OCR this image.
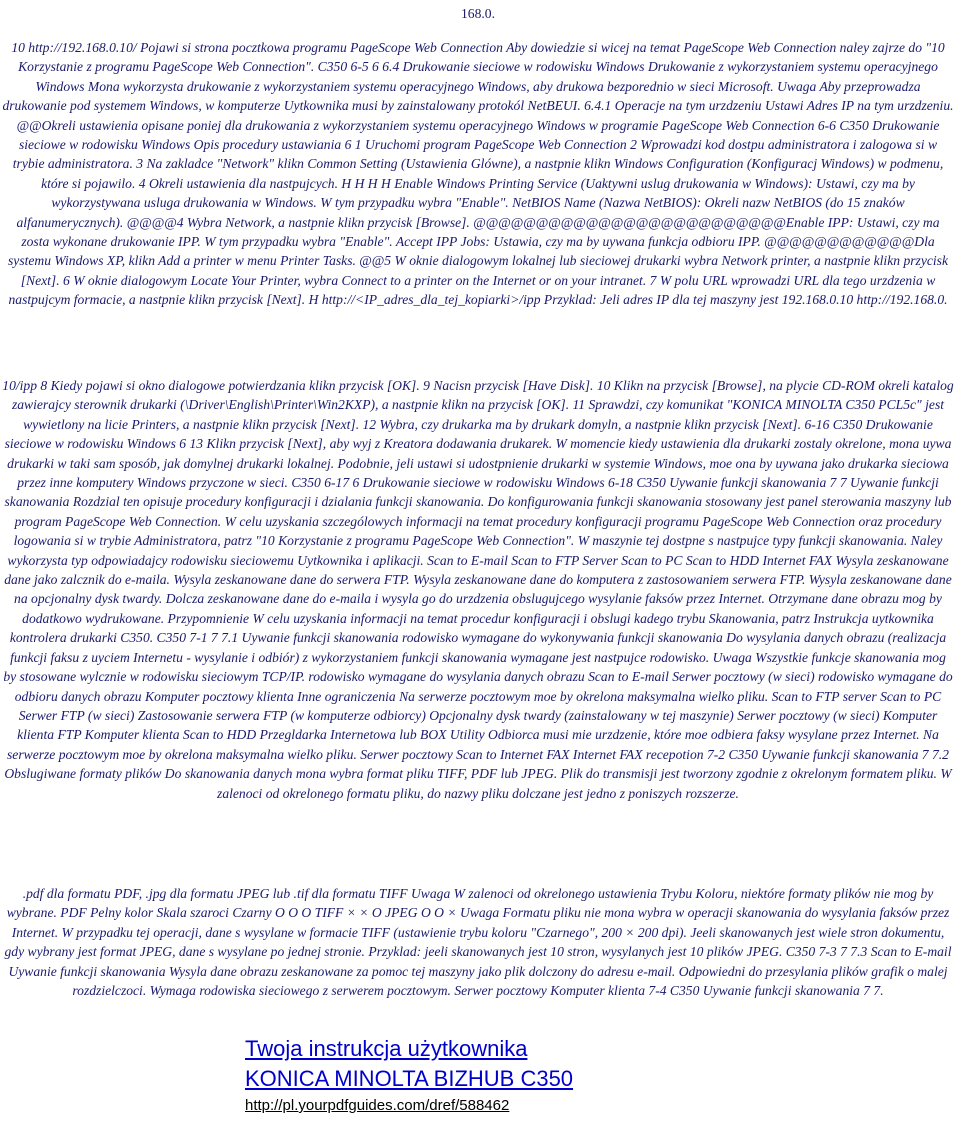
168.0.

10 http://192.168.0.10/ Pojawi si strona pocztkowa programu PageScope Web Connection Aby dowiedzie si wicej na temat PageScope Web Connection naley zajrze do "10 Korzystanie z programu PageScope Web Connection". C350 6-5 6 6.4 Drukowanie sieciowe w rodowisku Windows Drukowanie z wykorzystaniem systemu operacyjnego Windows Mona wykorzysta drukowanie z wykorzystaniem systemu operacyjnego Windows, aby drukowa bezporednio w sieci Microsoft. Uwaga Aby przeprowadza drukowanie pod systemem Windows, w komputerze Uytkownika musi by zainstalowany protokól NetBEUI. 6.4.1 Operacje na tym urzdzeniu Ustawi Adres IP na tym urzdzeniu. @@Okreli ustawienia opisane poniej dla drukowania z wykorzystaniem systemu operacyjnego Windows w programie PageScope Web Connection 6-6 C350 Drukowanie sieciowe w rodowisku Windows Opis procedury ustawiania 6 1 Uruchomi program PageScope Web Connection 2 Wprowadzi kod dostpu administratora i zalogowa si w trybie administratora. 3 Na zakladce "Network" klikn Common Setting (Ustawienia Glówne), a nastpnie klikn Windows Configuration (Konfiguracj Windows) w podmenu, które si pojawilo. 4 Okreli ustawienia dla nastpujcych. H H H H Enable Windows Printing Service (Uaktywni uslug drukowania w Windows): Ustawi, czy ma by wykorzystywana usluga drukowania w Windows. W tym przypadku wybra "Enable". NetBIOS Name (Nazwa NetBIOS): Okreli nazw NetBIOS (do 15 znaków alfanumerycznych). @@@@4 Wybra Network, a nastpnie klikn przycisk [Browse]. @@@@@@@@@@@@@@@@@@@@@@@@@Enable IPP: Ustawi, czy ma zosta wykonane drukowanie IPP. W tym przypadku wybra "Enable". Accept IPP Jobs: Ustawia, czy ma by uywana funkcja odbioru IPP. @@@@@@@@@@@@Dla systemu Windows XP, klikn Add a printer w menu Printer Tasks. @@5 W oknie dialogowym lokalnej lub sieciowej drukarki wybra Network printer, a nastpnie klikn przycisk [Next]. 6 W oknie dialogowym Locate Your Printer, wybra Connect to a printer on the Internet or on your intranet. 7 W polu URL wprowadzi URL dla tego urzdzenia w nastpujcym formacie, a nastpnie klikn przycisk [Next]. H http://<IP_adres_dla_tej_kopiarki>/ipp Przyklad: Jeli adres IP dla tej maszyny jest 192.168.0.10 http://192.168.0.

10/ipp 8 Kiedy pojawi si okno dialogowe potwierdzania klikn przycisk [OK]. 9 Nacisn przycisk [Have Disk]. 10 Klikn na przycisk [Browse], na plycie CD-ROM okreli katalog zawierajcy sterownik drukarki (\Driver\English\Printer\Win2KXP), a nastpnie klikn na przycisk [OK]. 11 Sprawdzi, czy komunikat "KONICA MINOLTA C350 PCL5c" jest wywietlony na licie Printers, a nastpnie klikn przycisk [Next]. 12 Wybra, czy drukarka ma by drukark domyln, a nastpnie klikn przycisk [Next]. 6-16 C350 Drukowanie sieciowe w rodowisku Windows 6 13 Klikn przycisk [Next], aby wyj z Kreatora dodawania drukarek. W momencie kiedy ustawienia dla drukarki zostaly okrelone, mona uywa drukarki w taki sam sposób, jak domylnej drukarki lokalnej. Podobnie, jeli ustawi si udostpnienie drukarki w systemie Windows, moe ona by uywana jako drukarka sieciowa przez inne komputery Windows przyczone w sieci. C350 6-17 6 Drukowanie sieciowe w rodowisku Windows 6-18 C350 Uywanie funkcji skanowania 7 7 Uywanie funkcji skanowania Rozdzial ten opisuje procedury konfiguracji i dzialania funkcji skanowania. Do konfigurowania funkcji skanowania stosowany jest panel sterowania maszyny lub program PageScope Web Connection. W celu uzyskania szczególowych informacji na temat procedury konfiguracji programu PageScope Web Connection oraz procedury logowania si w trybie Administratora, patrz "10 Korzystanie z programu PageScope Web Connection". W maszynie tej dostpne s nastpujce typy funkcji skanowania. Naley wykorzysta typ odpowiadajcy rodowisku sieciowemu Uytkownika i aplikacji. Scan to E-mail Scan to FTP Server Scan to PC Scan to HDD Internet FAX Wysyla zeskanowane dane jako zalcznik do e-maila. Wysyla zeskanowane dane do serwera FTP. Wysyla zeskanowane dane do komputera z zastosowaniem serwera FTP. Wysyla zeskanowane dane na opcjonalny dysk twardy. Dolcza zeskanowane dane do e-maila i wysyla go do urzdzenia obslugujcego wysylanie faksów przez Internet. Otrzymane dane obrazu mog by dodatkowo wydrukowane. Przypomnienie W celu uzyskania informacji na temat procedur konfiguracji i obslugi kadego trybu Skanowania, patrz Instrukcja uytkownika kontrolera drukarki C350. C350 7-1 7 7.1 Uywanie funkcji skanowania rodowisko wymagane do wykonywania funkcji skanowania Do wysylania danych obrazu (realizacja funkcji faksu z uyciem Internetu - wysylanie i odbiór) z wykorzystaniem funkcji skanowania wymagane jest nastpujce rodowisko. Uwaga Wszystkie funkcje skanowania mog by stosowane wylcznie w rodowisku sieciowym TCP/IP. rodowisko wymagane do wysylania danych obrazu Scan to E-mail Serwer pocztowy (w sieci) rodowisko wymagane do odbioru danych obrazu Komputer pocztowy klienta Inne ograniczenia Na serwerze pocztowym moe by okrelona maksymalna wielko pliku. Scan to FTP server Scan to PC Serwer FTP (w sieci) Zastosowanie serwera FTP (w komputerze odbiorcy) Opcjonalny dysk twardy (zainstalowany w tej maszynie) Serwer pocztowy (w sieci) Komputer klienta FTP Komputer klienta Scan to HDD Przegldarka Internetowa lub BOX Utility Odbiorca musi mie urzdzenie, które moe odbiera faksy wysylane przez Internet. Na serwerze pocztowym moe by okrelona maksymalna wielko pliku. Serwer pocztowy Scan to Internet FAX Internet FAX recepotion 7-2 C350 Uywanie funkcji skanowania 7 7.2 Obslugiwane formaty plików Do skanowania danych mona wybra format pliku TIFF, PDF lub JPEG. Plik do transmisji jest tworzony zgodnie z okrelonym formatem pliku. W zalenoci od okrelonego formatu pliku, do nazwy pliku dolczane jest jedno z poniszych rozszerze.

.pdf dla formatu PDF, .jpg dla formatu JPEG lub .tif dla formatu TIFF Uwaga W zalenoci od okrelonego ustawienia Trybu Koloru, niektóre formaty plików nie mog by wybrane. PDF Pelny kolor Skala szaroci Czarny O O O TIFF × × O JPEG O O × Uwaga Formatu pliku nie mona wybra w operacji skanowania do wysylania faksów przez Internet. W przypadku tej operacji, dane s wysylane w formacie TIFF (ustawienie trybu koloru "Czarnego", 200 × 200 dpi). Jeeli skanowanych jest wiele stron dokumentu, gdy wybrany jest format JPEG, dane s wysylane po jednej stronie. Przyklad: jeeli skanowanych jest 10 stron, wysylanych jest 10 plików JPEG. C350 7-3 7 7.3 Scan to E-mail Uywanie funkcji skanowania Wysyla dane obrazu zeskanowane za pomoc tej maszyny jako plik dolczony do adresu e-mail. Odpowiedni do przesylania plików grafik o malej rozdzielczoci. Wymaga rodowiska sieciowego z serwerem pocztowym. Serwer pocztowy Komputer klienta 7-4 C350 Uywanie funkcji skanowania 7 7.

Twoja instrukcja użytkownika
KONICA MINOLTA BIZHUB C350
http://pl.yourpdfguides.com/dref/588462
